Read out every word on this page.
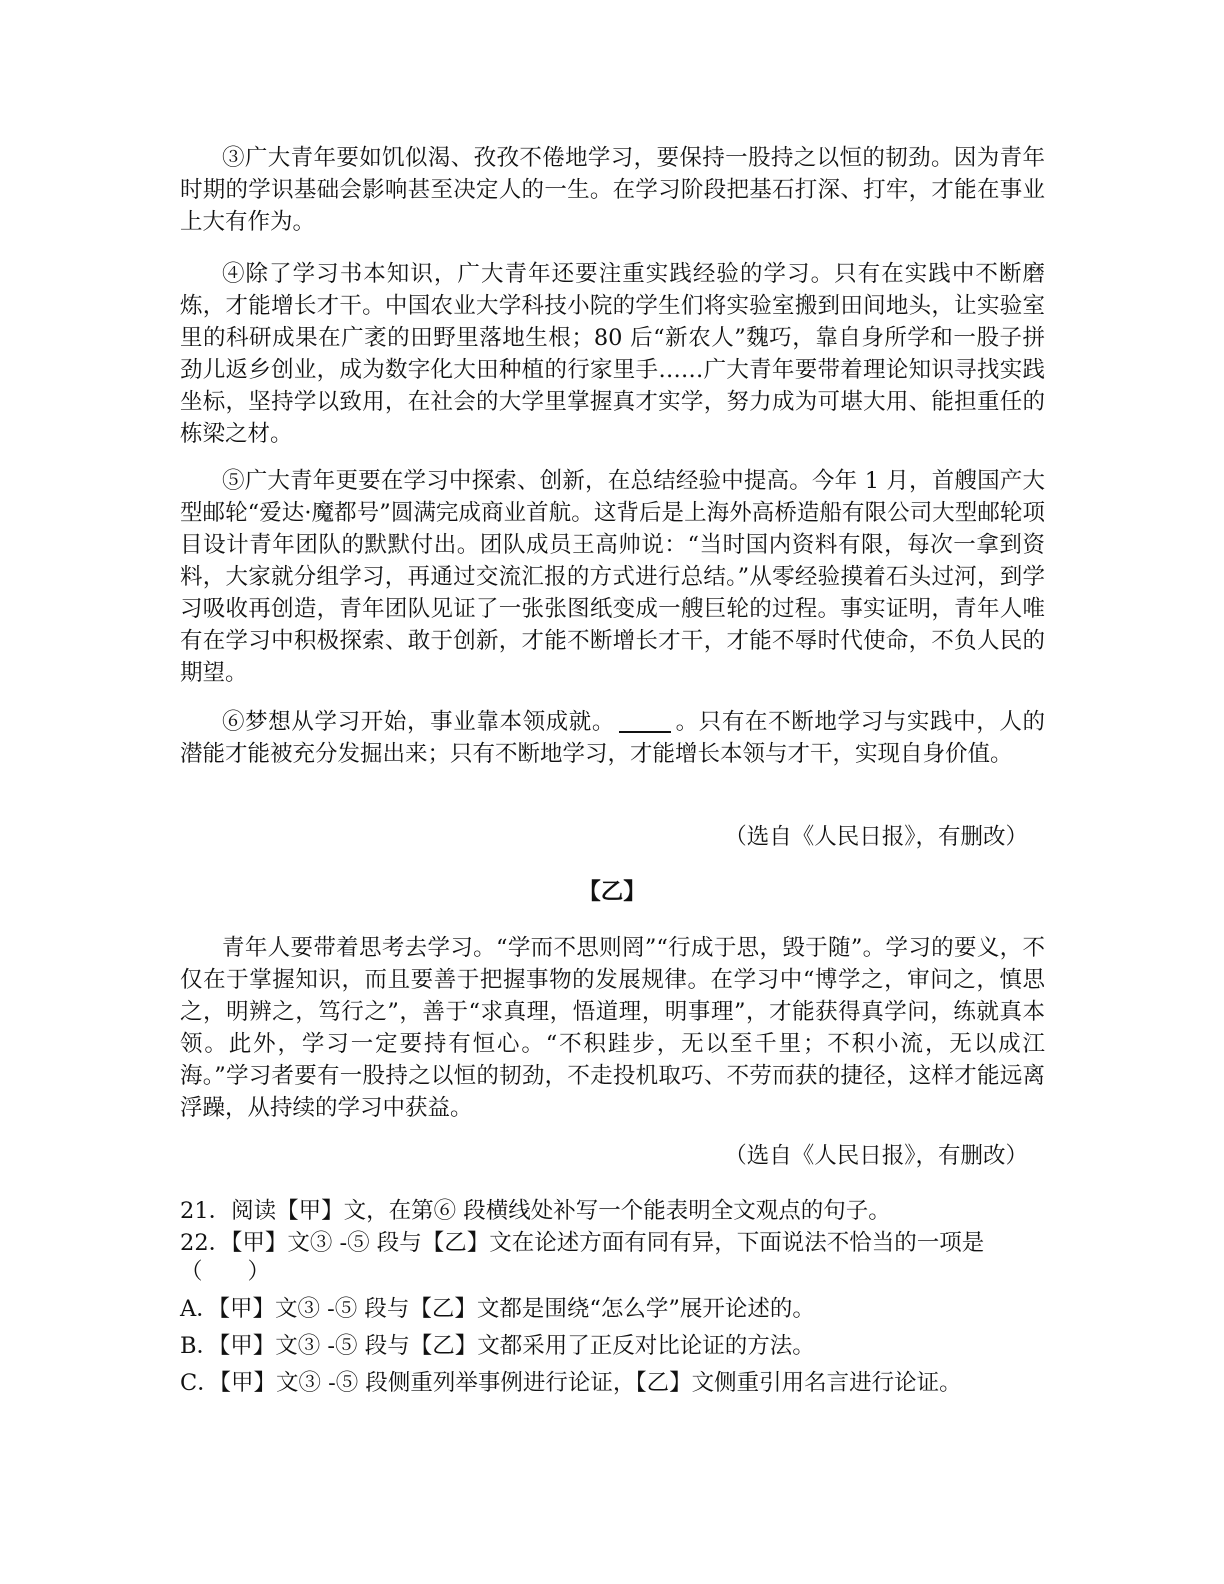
③广大青年要如饥似渴、孜孜不倦地学习，要保持一股持之以恒的韧劲。因为青年时期的学识基础会影响甚至决定人的一生。在学习阶段把基石打深、打牢，才能在事业上大有作为。

④除了学习书本知识，广大青年还要注重实践经验的学习。只有在实践中不断磨炼，才能增长才干。中国农业大学科技小院的学生们将实验室搬到田间地头，让实验室里的科研成果在广袤的田野里落地生根；80 后“新农人”魏巧，靠自身所学和一股子拼劲儿返乡创业，成为数字化大田种植的行家里手……广大青年要带着理论知识寻找实践坐标，坚持学以致用，在社会的大学里掌握真才实学，努力成为可堪大用、能担重任的栋梁之材。

⑤广大青年更要在学习中探索、创新，在总结经验中提高。今年 1 月，首艘国产大型邮轮“爱达·魔都号”圆满完成商业首航。这背后是上海外高桥造船有限公司大型邮轮项目设计青年团队的默默付出。团队成员王高帅说：“当时国内资料有限，每次一拿到资料，大家就分组学习，再通过交流汇报的方式进行总结。”从零经验摸着石头过河，到学习吸收再创造，青年团队见证了一张张图纸变成一艘巨轮的过程。事实证明，青年人唯有在学习中积极探索、敢于创新，才能不断增长才干，才能不辱时代使命，不负人民的期望。

⑥梦想从学习开始，事业靠本领成就。	。只有在不断地学习与实践中，人的潜能才能被充分发掘出来；只有不断地学习，才能增长本领与才干，实现自身价值。

（选自《人民日报》，有删改）

【乙】

青年人要带着思考去学习。“学而不思则罔”“行成于思，毁于随”。学习的要义，不仅在于掌握知识，而且要善于把握事物的发展规律。在学习中“博学之，审问之，慎思之，明辨之，笃行之”，善于“求真理，悟道理，明事理”，才能获得真学问，练就真本领。此外，学习一定要持有恒心。“不积跬步，无以至千里；不积小流，无以成江海。”学习者要有一股持之以恒的韧劲，不走投机取巧、不劳而获的捷径，这样才能远离浮躁，从持续的学习中获益。

（选自《人民日报》，有删改）

21．阅读【甲】文，在第⑥ 段横线处补写一个能表明全文观点的句子。

22．【甲】文③ -⑤ 段与【乙】文在论述方面有同有异，下面说法不恰当的一项是

（　　）

A．【甲】文③ -⑤ 段与【乙】文都是围绕“怎么学”展开论述的。

B．【甲】文③ -⑤ 段与【乙】文都采用了正反对比论证的方法。

C．【甲】文③ -⑤ 段侧重列举事例进行论证，【乙】文侧重引用名言进行论证。
